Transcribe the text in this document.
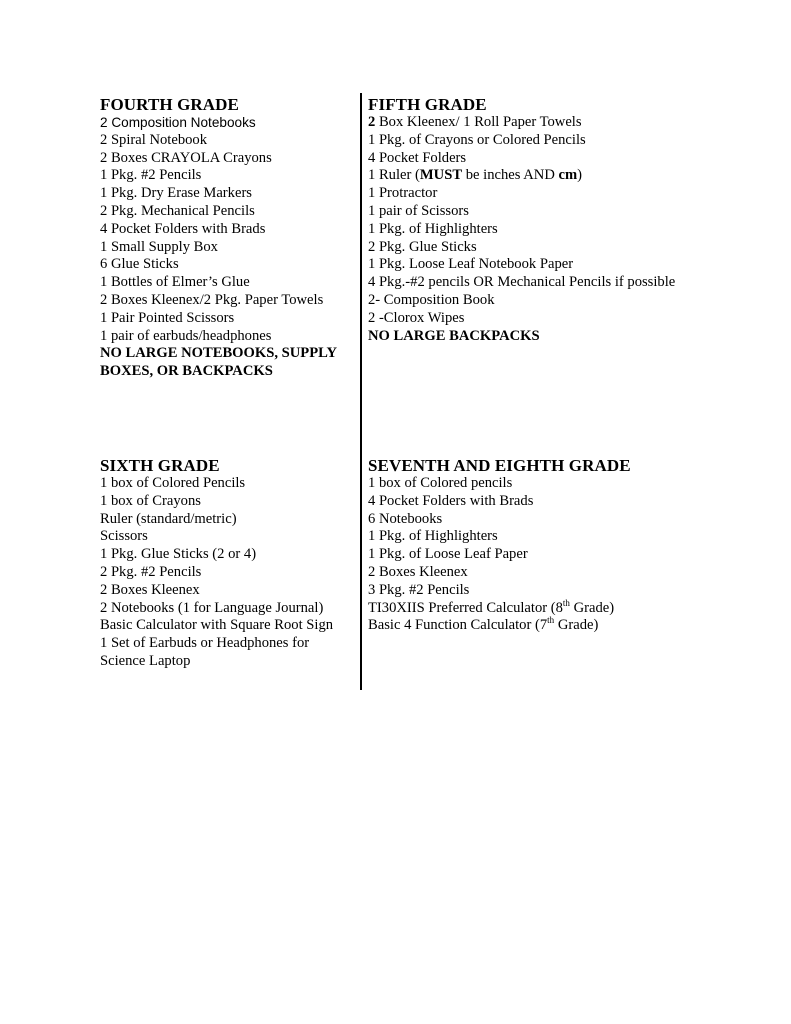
FOURTH GRADE
2 Composition Notebooks
2 Spiral Notebook
2 Boxes CRAYOLA Crayons
1 Pkg. #2 Pencils
1 Pkg. Dry Erase Markers
2 Pkg. Mechanical Pencils
4 Pocket Folders with Brads
1 Small Supply Box
6 Glue Sticks
1 Bottles of Elmer’s Glue
2 Boxes Kleenex/2 Pkg. Paper Towels
1 Pair Pointed Scissors
1 pair of earbuds/headphones
NO LARGE NOTEBOOKS, SUPPLY
BOXES, OR BACKPACKS
FIFTH GRADE
2 Box Kleenex/ 1 Roll Paper Towels
1 Pkg. of Crayons or Colored Pencils
4 Pocket Folders
1 Ruler (MUST be inches AND cm)
1 Protractor
1 pair of Scissors
1 Pkg. of Highlighters
2 Pkg. Glue Sticks
1 Pkg. Loose Leaf Notebook Paper
4 Pkg.-#2 pencils OR Mechanical Pencils if possible
2- Composition Book
2 -Clorox Wipes
NO LARGE BACKPACKS
SIXTH GRADE
1 box of Colored Pencils
1 box of Crayons
Ruler (standard/metric)
Scissors
1 Pkg. Glue Sticks (2 or 4)
2 Pkg. #2 Pencils
2 Boxes Kleenex
2 Notebooks (1 for Language Journal)
Basic Calculator with Square Root Sign
1 Set of Earbuds or Headphones for
Science Laptop
SEVENTH AND EIGHTH GRADE
1 box of Colored pencils
4 Pocket Folders with Brads
6 Notebooks
1 Pkg. of Highlighters
1 Pkg. of Loose Leaf Paper
2 Boxes Kleenex
3 Pkg. #2 Pencils
TI30XIIS Preferred Calculator (8th Grade)
Basic 4 Function Calculator (7th Grade)
